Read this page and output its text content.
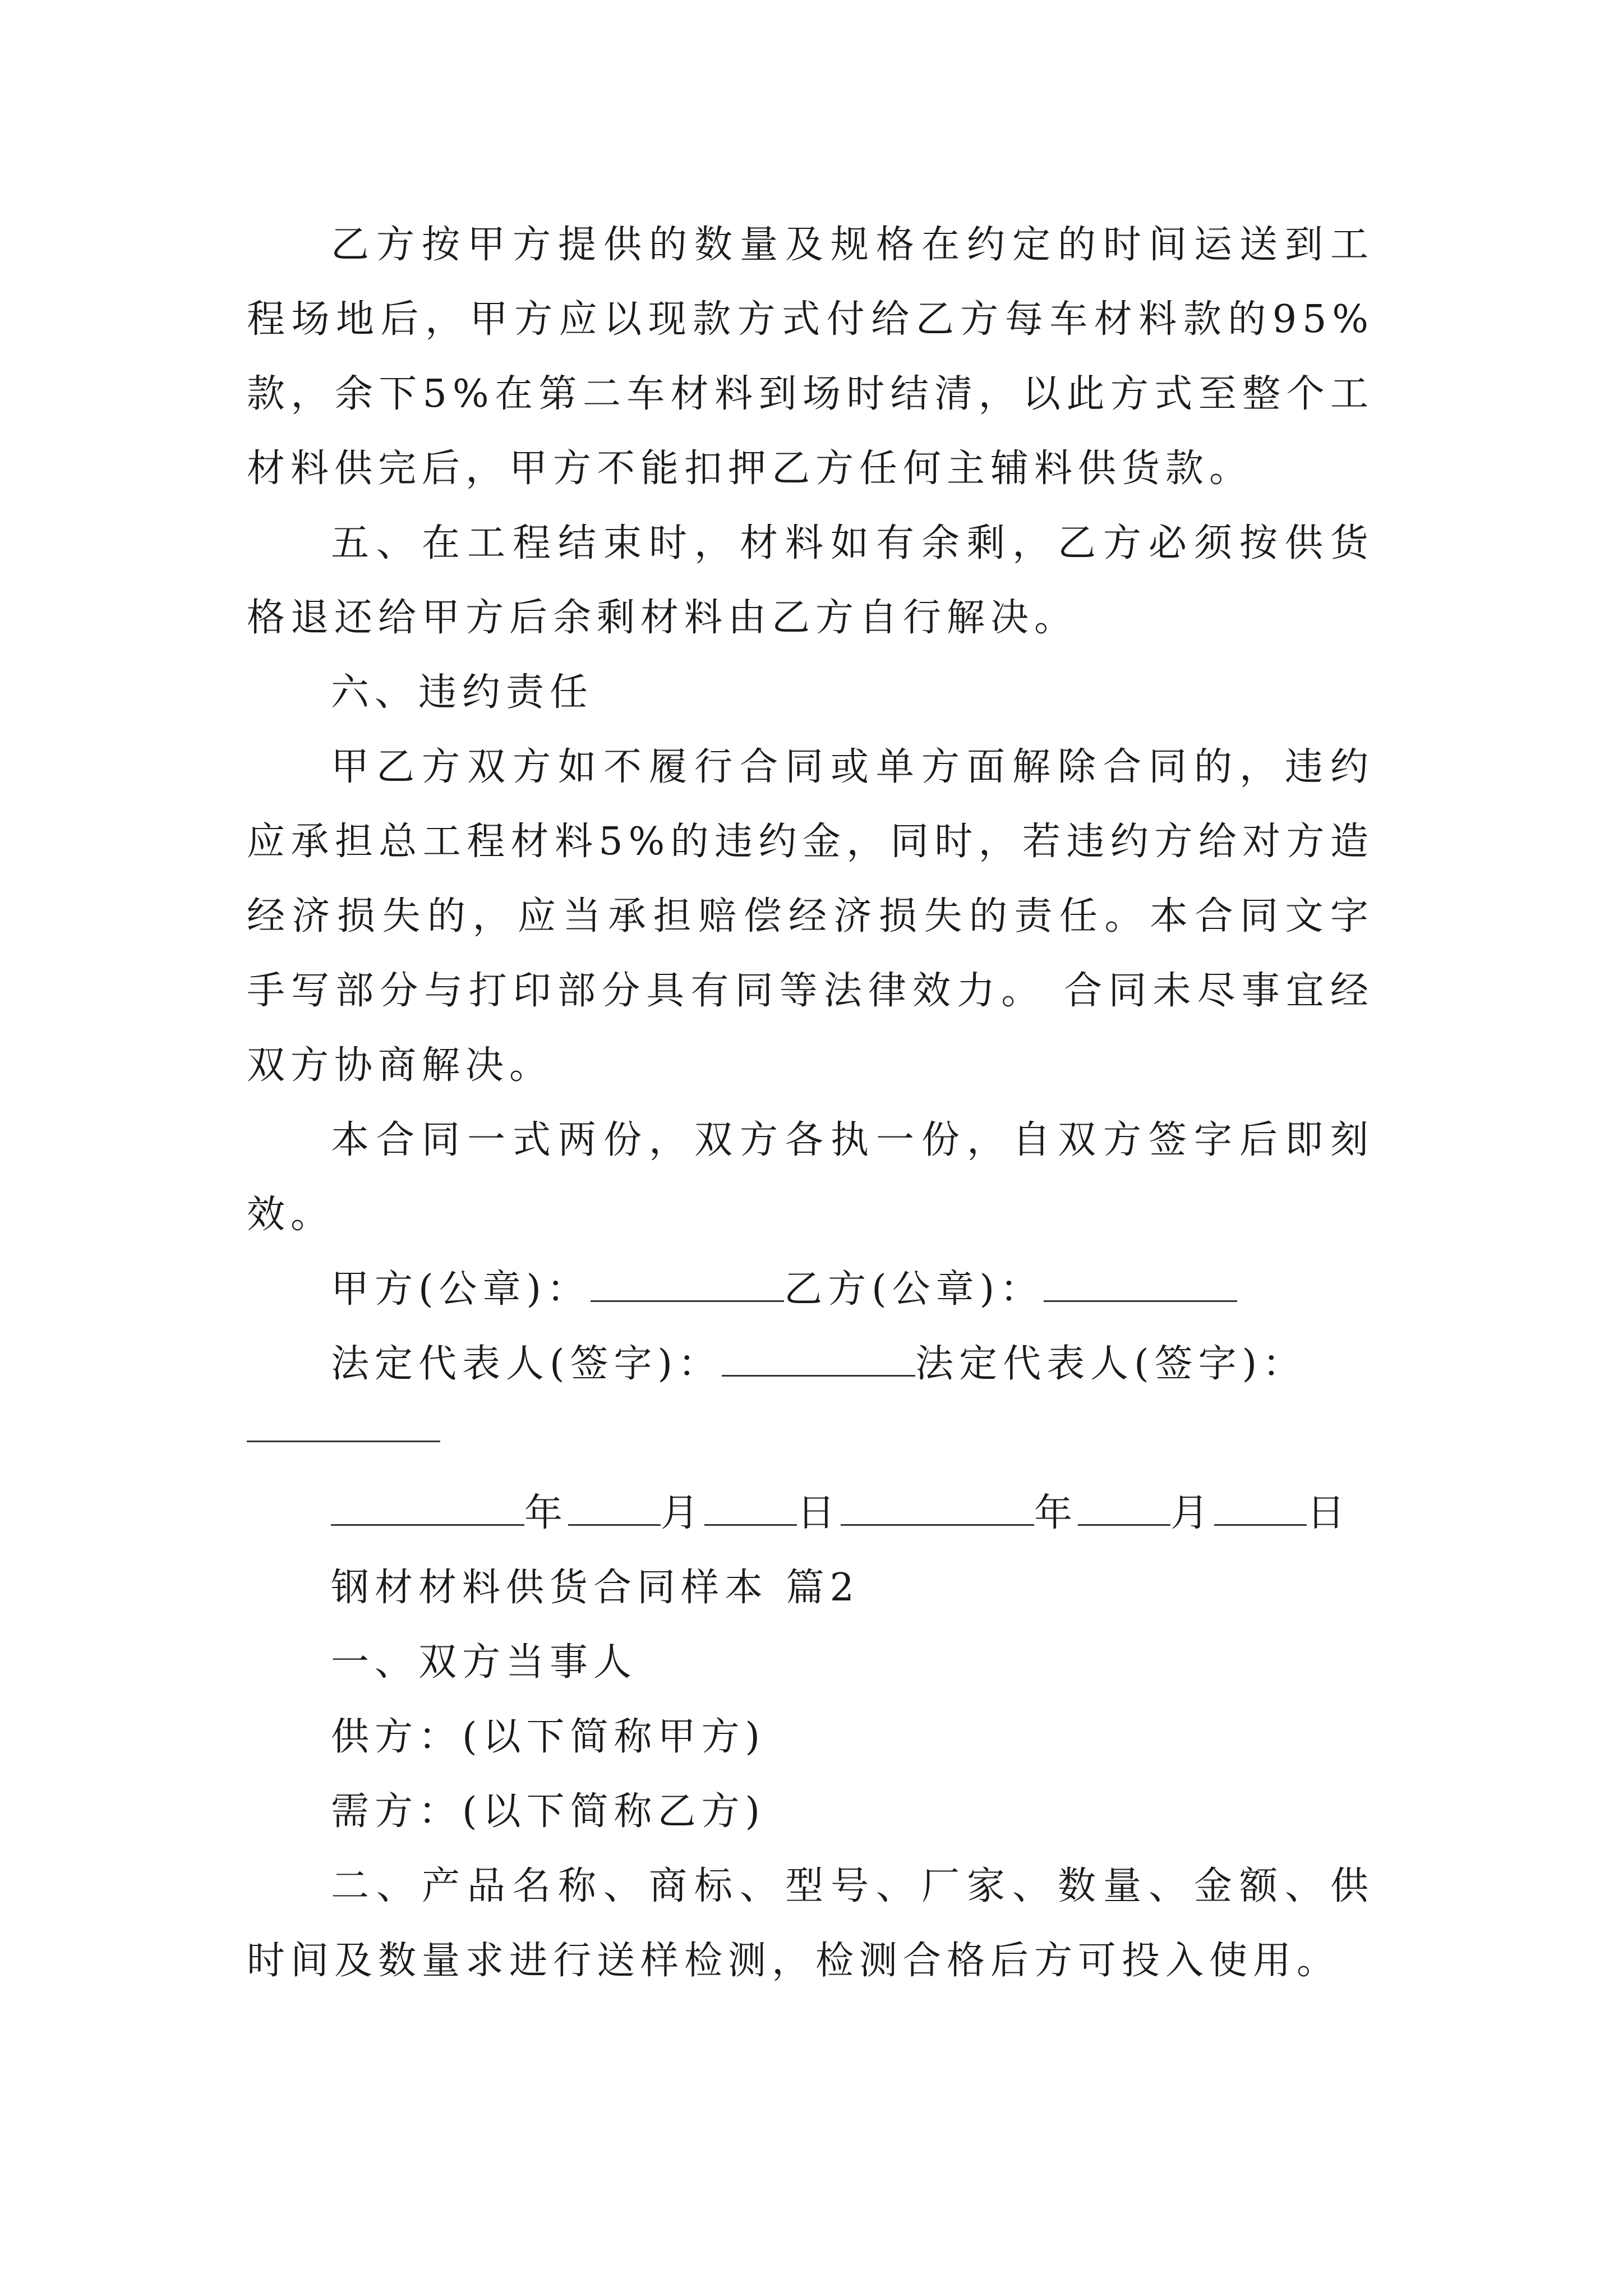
乙方按甲方提供的数量及规格在约定的时间运送到工
程场地后，甲方应以现款方式付给乙方每车材料款的95%
款，余下5%在第二车材料到场时结清，以此方式至整个工
材料供完后，甲方不能扣押乙方任何主辅料供货款。
五、在工程结束时，材料如有余剩，乙方必须按供货
格退还给甲方后余剩材料由乙方自行解决。
六、违约责任
甲乙方双方如不履行合同或单方面解除合同的，违约
应承担总工程材料5%的违约金，同时，若违约方给对方造
经济损失的，应当承担赔偿经济损失的责任。本合同文字
手写部分与打印部分具有同等法律效力。 合同未尽事宜经
双方协商解决。
本合同一式两份，双方各执一份，自双方签字后即刻
效。
甲方(公章)：	乙方(公章)：
法定代表人(签字)：	法定代表人(签字)：
年 月 日	年 月 日
钢材材料供货合同样本 篇2
一、双方当事人
供方：(以下简称甲方)
需方：(以下简称乙方)
二、产品名称、商标、型号、厂家、数量、金额、供
时间及数量求进行送样检测，检测合格后方可投入使用。
